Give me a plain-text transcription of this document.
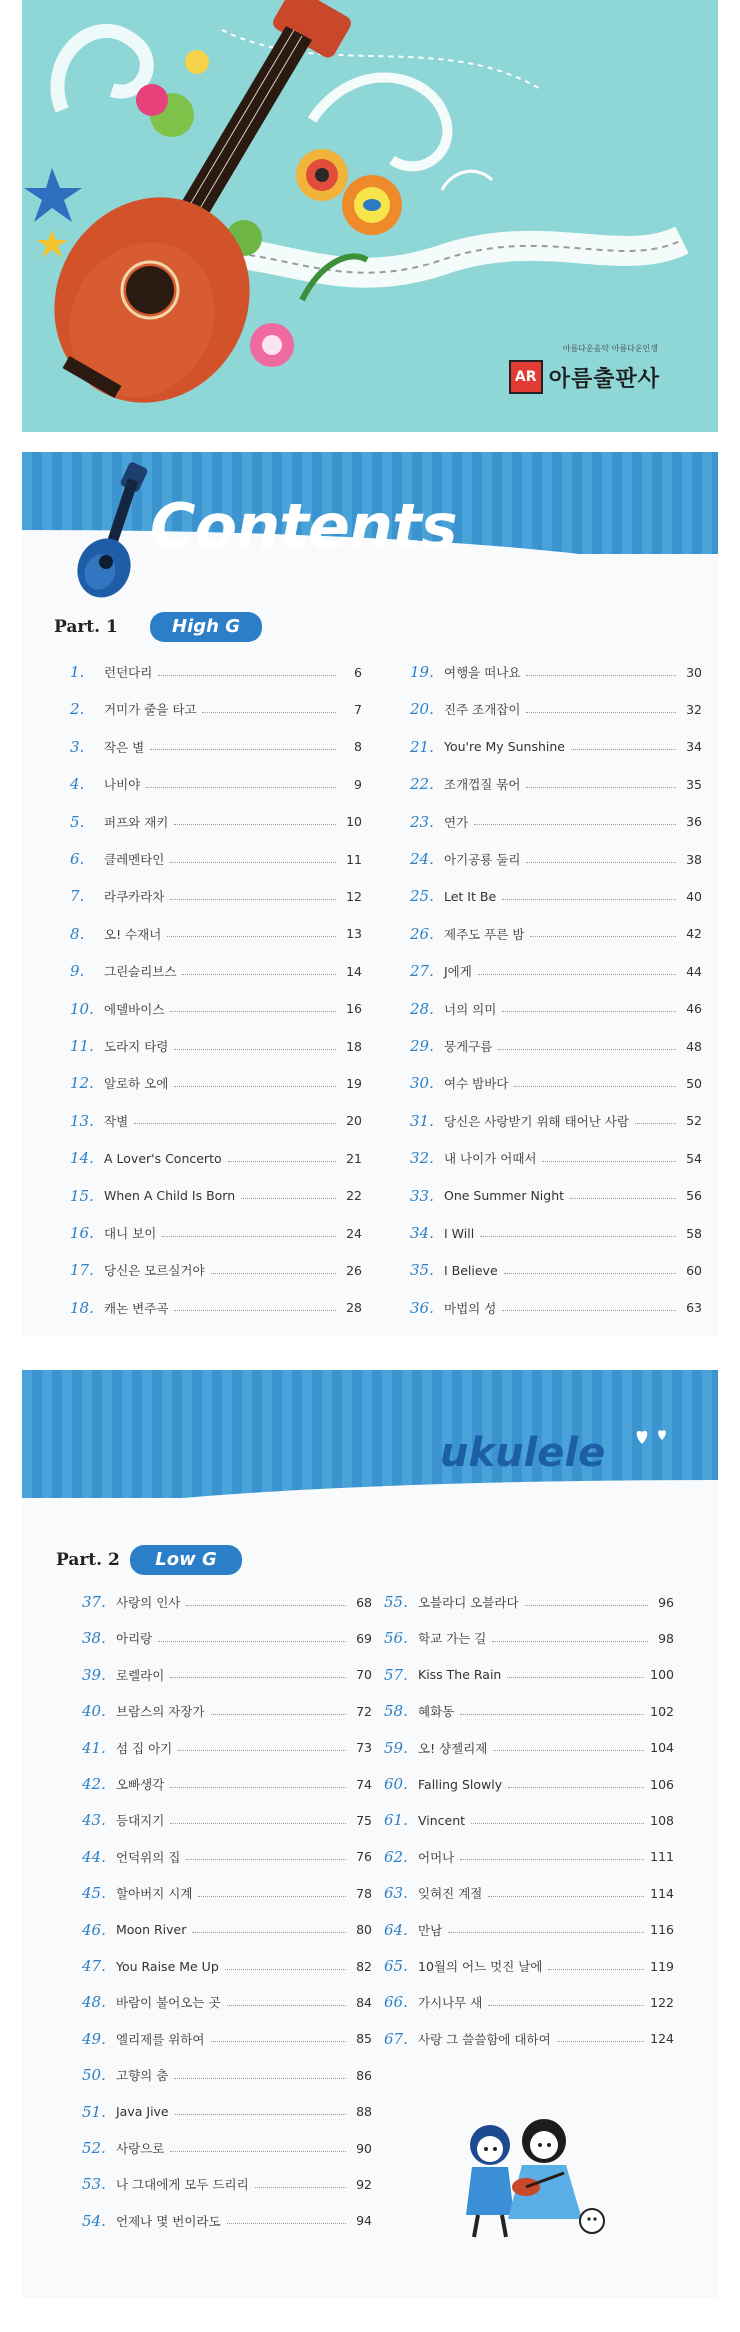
아름다운음악 아름다운인생
AR 아름출판사
Contents
Part. 1	High G
1.	런던다리	6
2.	거미가 줄을 타고	7
3.	작은 별	8
4.	나비야	9
5.	퍼프와 재키	10
6.	클레멘타인	11
7.	라쿠카라차	12
8.	오! 수재너	13
9.	그린슬리브스	14
10. 에델바이스	16
11. 도라지 타령	18
12. 알로하 오에	19
13. 작별	20
14. A Lover's Concerto	21
15. When A Child Is Born	22
16. 대니 보이	24
17. 당신은 모르실거야	26
18. 캐논 변주곡	28
19. 여행을 떠나요	30
20. 진주 조개잡이	32
21. You're My Sunshine	34
22. 조개껍질 묶어	35
23. 연가	36
24. 아기공룡 둘리	38
25. Let It Be	40
26. 제주도 푸른 밤	42
27. J에게	44
28. 너의 의미	46
29. 뭉게구름	48
30. 여수 밤바다	50
31. 당신은 사랑받기 위해 태어난 사람	52
32. 내 나이가 어때서	54
33. One Summer Night	56
34. I Will	58
35. I Believe	60
36. 마법의 성	63
ukulele
Part. 2	Low G
37. 사랑의 인사	68
38. 아리랑	69
39. 로렐라이	70
40. 브람스의 자장가	72
41. 섬 집 아기	73
42. 오빠생각	74
43. 등대지기	75
44. 언덕위의 집	76
45. 할아버지 시계	78
46. Moon River	80
47. You Raise Me Up	82
48. 바람이 불어오는 곳	84
49. 엘리제를 위하여	85
50. 고향의 춤	86
51. Java Jive	88
52. 사랑으로	90
53. 나 그대에게 모두 드리리	92
54. 언제나 몇 번이라도	94
55. 오블라디 오블라다	96
56. 학교 가는 길	98
57. Kiss The Rain	100
58. 혜화동	102
59. 오! 샹젤리제	104
60. Falling Slowly	106
61. Vincent	108
62. 어머나	111
63. 잊혀진 계절	114
64. 만남	116
65. 10월의 어느 멋진 날에	119
66. 가시나무 새	122
67. 사랑 그 쓸쓸함에 대하여	124
